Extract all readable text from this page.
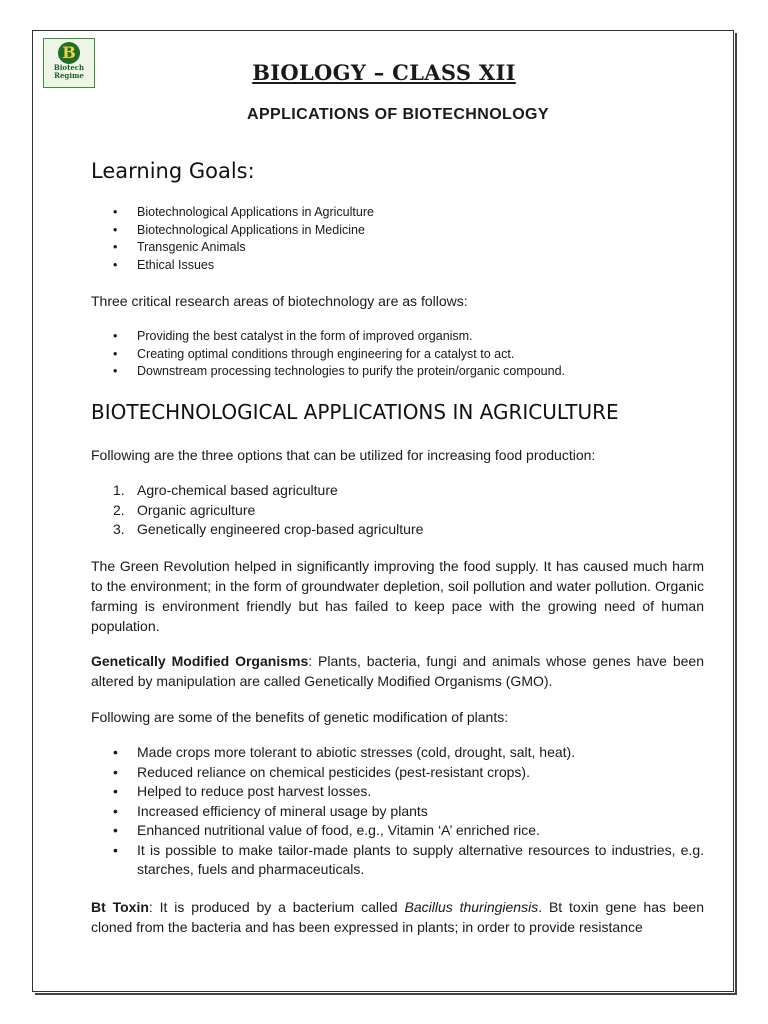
B
Biotech
Regime	BIOLOGY – CLASS XII
APPLICATIONS OF BIOTECHNOLOGY
Learning Goals:
• Biotechnological Applications in Agriculture
• Biotechnological Applications in Medicine
• Transgenic Animals
• Ethical Issues
Three critical research areas of biotechnology are as follows:
• Providing the best catalyst in the form of improved organism.
• Creating optimal conditions through engineering for a catalyst to act.
• Downstream processing technologies to purify the protein/organic compound.
BIOTECHNOLOGICAL APPLICATIONS IN AGRICULTURE
Following are the three options that can be utilized for increasing food production:
1. Agro-chemical based agriculture
2. Organic agriculture
3. Genetically engineered crop-based agriculture
The Green Revolution helped in significantly improving the food supply. It has caused much harm to the environment; in the form of groundwater depletion, soil pollution and water pollution. Organic farming is environment friendly but has failed to keep pace with the growing need of human population.
Genetically Modified Organisms: Plants, bacteria, fungi and animals whose genes have been altered by manipulation are called Genetically Modified Organisms (GMO).
Following are some of the benefits of genetic modification of plants:
• Made crops more tolerant to abiotic stresses (cold, drought, salt, heat).
• Reduced reliance on chemical pesticides (pest-resistant crops).
• Helped to reduce post harvest losses.
• Increased efficiency of mineral usage by plants
• Enhanced nutritional value of food, e.g., Vitamin ‘A’ enriched rice.
• It is possible to make tailor-made plants to supply alternative resources to industries, e.g. starches, fuels and pharmaceuticals.
Bt Toxin: It is produced by a bacterium called Bacillus thuringiensis. Bt toxin gene has been cloned from the bacteria and has been expressed in plants; in order to provide resistance
